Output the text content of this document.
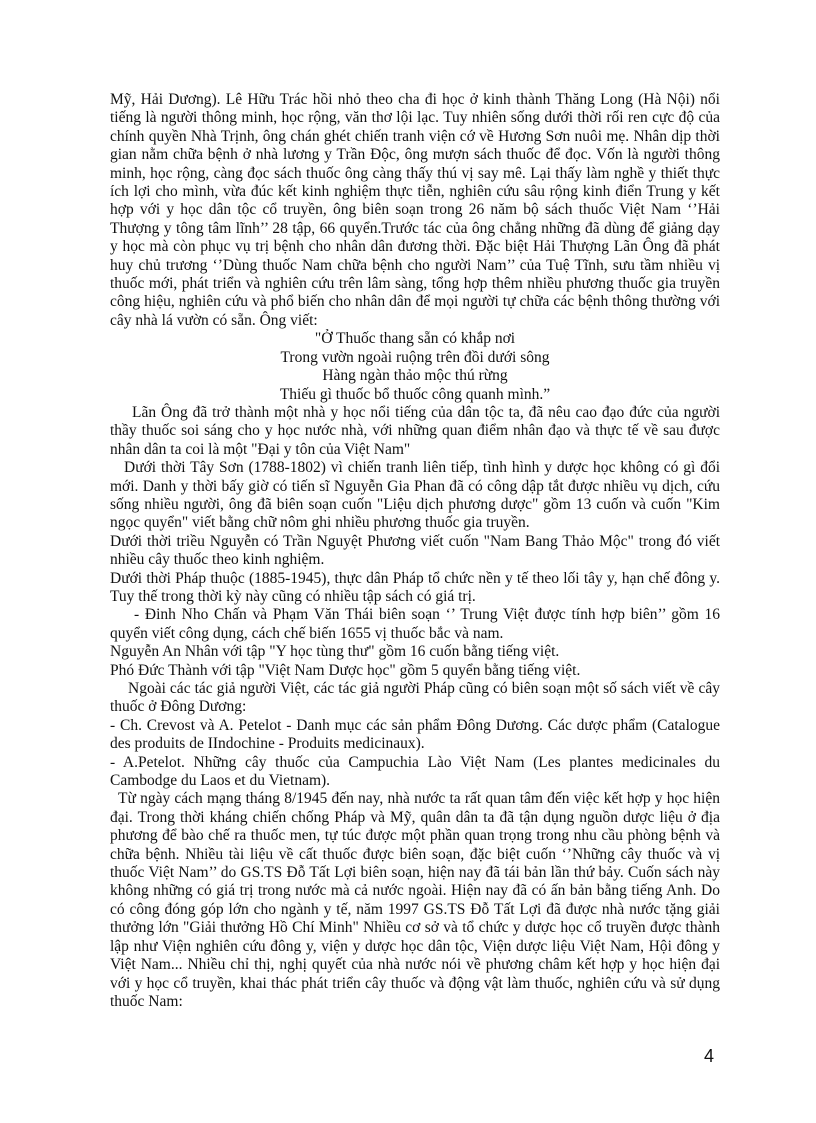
Mỹ, Hải Dương). Lê Hữu Trác hồi nhỏ theo cha đi học ở kinh thành Thăng Long (Hà Nội) nổi tiếng là người thông minh, học rộng, văn thơ lội lạc. Tuy nhiên sống dưới thời rối ren cực độ của chính quyền Nhà Trịnh, ông chán ghét chiến tranh viện cớ về Hương Sơn nuôi mẹ. Nhân dịp thời gian nằm chữa bệnh ở nhà lương y Trần Độc, ông mượn sách thuốc để đọc. Vốn là người thông minh, học rộng, càng đọc sách thuốc ông càng thấy thú vị say mê. Lại thấy làm nghề y thiết thực ích lợi cho mình, vừa đúc kết kinh nghiệm thực tiễn, nghiên cứu sâu rộng kinh điển Trung y kết hợp với y học dân tộc cổ truyền, ông biên soạn trong 26 năm bộ sách thuốc Việt Nam ‘’Hải Thượng y tông tâm lĩnh’’ 28 tập, 66 quyển.Trước tác của ông chẳng những đã dùng để giảng dạy y học mà còn phục vụ trị bệnh cho nhân dân đương thời. Đặc biệt Hải Thượng Lãn Ông đã phát huy chủ trương ‘’Dùng thuốc Nam chữa bệnh cho người Nam’’ của Tuệ Tĩnh, sưu tầm nhiều vị thuốc mới, phát triển và nghiên cứu trên lâm sàng, tổng hợp thêm nhiều phương thuốc gia truyền công hiệu, nghiên cứu và phổ biến cho nhân dân để mọi người tự chữa các bệnh thông thường với cây nhà lá vườn có sẵn. Ông viết:

"Ở Thuốc thang sẵn có khắp nơi

Trong vườn ngoài ruộng trên đồi dưới sông

Hàng ngàn thảo mộc thú rừng

Thiếu gì thuốc bổ thuốc công quanh mình.”

Lãn Ông đã trở thành một nhà y học nổi tiếng của dân tộc ta, đã nêu cao đạo đức của người thầy thuốc soi sáng cho y học nước nhà, với những quan điểm nhân đạo và thực tế về sau được nhân dân ta coi là một "Đại y tôn của Việt Nam"

Dưới thời Tây Sơn (1788-1802) vì chiến tranh liên tiếp, tình hình y dược học không có gì đổi mới. Danh y thời bấy giờ có tiến sĩ Nguyễn Gia Phan đã có công dập tắt được nhiều vụ dịch, cứu sống nhiều người, ông đã biên soạn cuốn "Liệu dịch phương dược" gồm 13 cuốn và cuốn "Kim ngọc quyển" viết bằng chữ nôm ghi nhiều phương thuốc gia truyền.

Dưới thời triều Nguyễn có Trần Nguyệt Phương viết cuốn "Nam Bang Thảo Mộc" trong đó viết nhiều cây thuốc theo kinh nghiệm.

Dưới thời Pháp thuộc (1885-1945), thực dân Pháp tổ chức nền y tế theo lối tây y, hạn chế đông y. Tuy thế trong thời kỳ này cũng có nhiều tập sách có giá trị.

- Đinh Nho Chấn và Phạm Văn Thái biên soạn ‘’ Trung Việt được tính hợp biên’’ gồm 16 quyển viết công dụng, cách chế biến 1655 vị thuốc bắc và nam.

Nguyễn An Nhân với tập "Y học tùng thư" gồm 16 cuốn bằng tiếng việt.

Phó Đức Thành với tập "Việt Nam Dược học" gồm 5 quyển bằng tiếng việt.

Ngoài các tác giả người Việt, các tác giả người Pháp cũng có biên soạn một số sách viết về cây thuốc ở Đông Dương:

- Ch. Crevost và A. Petelot - Danh mục các sản phẩm Đông Dương. Các dược phẩm (Catalogue des produits de IIndochine - Produits medicinaux).

- A.Petelot. Những cây thuốc của Campuchia Lào Việt Nam (Les plantes medicinales du Cambodge du Laos et du Vietnam).

Từ ngày cách mạng tháng 8/1945 đến nay, nhà nước ta rất quan tâm đến việc kết hợp y học hiện đại. Trong thời kháng chiến chống Pháp và Mỹ, quân dân ta đã tận dụng nguồn dược liệu ở địa phương để bào chế ra thuốc men, tự túc được một phần quan trọng trong nhu cầu phòng bệnh và chữa bệnh. Nhiều tài liệu về cất thuốc được biên soạn, đặc biệt cuốn ‘’Những cây thuốc và vị thuốc Việt Nam’’ do GS.TS Đỗ Tất Lợi biên soạn, hiện nay đã tái bản lần thứ bảy. Cuốn sách này không những có giá trị trong nước mà cả nước ngoài. Hiện nay đã có ấn bản bằng tiếng Anh. Do có công đóng góp lớn cho ngành y tế, năm 1997 GS.TS Đỗ Tất Lợi đã được nhà nước tặng giải thưởng lớn "Giải thưởng Hồ Chí Minh" Nhiều cơ sở và tổ chức y dược học cổ truyền được thành lập như Viện nghiên cứu đông y, viện y dược học dân tộc, Viện dược liệu Việt Nam, Hội đông y Việt Nam... Nhiều chỉ thị, nghị quyết của nhà nước nói về phương châm kết hợp y học hiện đại với y học cổ truyền, khai thác phát triển cây thuốc và động vật làm thuốc, nghiên cứu và sử dụng thuốc Nam:

4
